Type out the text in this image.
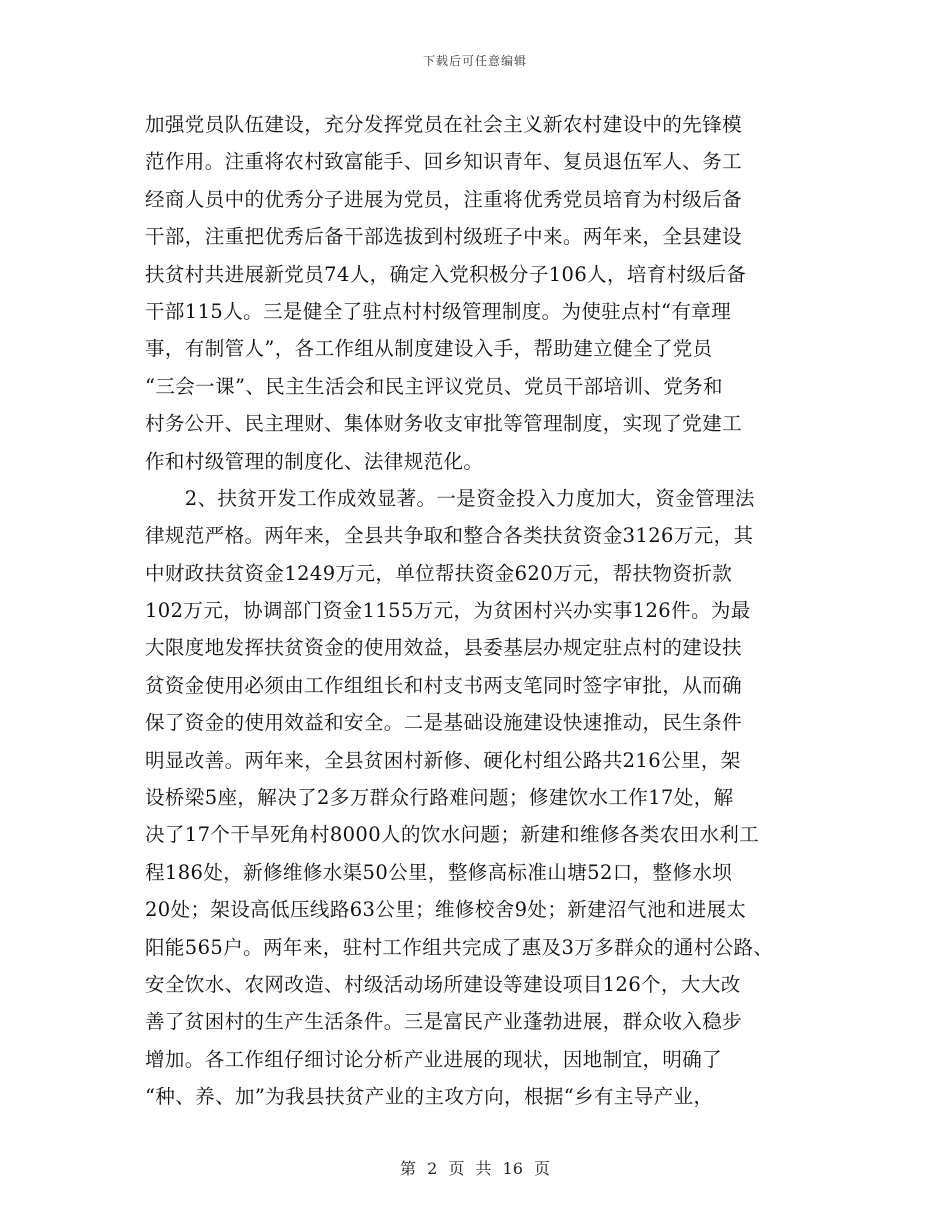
下载后可任意编辑
加强党员队伍建设，充分发挥党员在社会主义新农村建设中的先锋模
范作用。注重将农村致富能手、回乡知识青年、复员退伍军人、务工
经商人员中的优秀分子进展为党员，注重将优秀党员培育为村级后备
干部，注重把优秀后备干部选拔到村级班子中来。两年来，全县建设
扶贫村共进展新党员74人，确定入党积极分子106人，培育村级后备
干部115人。三是健全了驻点村村级管理制度。为使驻点村“有章理
事，有制管人”，各工作组从制度建设入手，帮助建立健全了党员
“三会一课”、民主生活会和民主评议党员、党员干部培训、党务和
村务公开、民主理财、集体财务收支审批等管理制度，实现了党建工
作和村级管理的制度化、法律规范化。
　　2、扶贫开发工作成效显著。一是资金投入力度加大，资金管理法
律规范严格。两年来，全县共争取和整合各类扶贫资金3126万元，其
中财政扶贫资金1249万元，单位帮扶资金620万元，帮扶物资折款
102万元，协调部门资金1155万元，为贫困村兴办实事126件。为最
大限度地发挥扶贫资金的使用效益，县委基层办规定驻点村的建设扶
贫资金使用必须由工作组组长和村支书两支笔同时签字审批，从而确
保了资金的使用效益和安全。二是基础设施建设快速推动，民生条件
明显改善。两年来，全县贫困村新修、硬化村组公路共216公里，架
设桥梁5座，解决了2多万群众行路难问题；修建饮水工作17处，解
决了17个干旱死角村8000人的饮水问题；新建和维修各类农田水利工
程186处，新修维修水渠50公里，整修高标准山塘52口，整修水坝
20处；架设高低压线路63公里；维修校舍9处；新建沼气池和进展太
阳能565户。两年来，驻村工作组共完成了惠及3万多群众的通村公路、
安全饮水、农网改造、村级活动场所建设等建设项目126个，大大改
善了贫困村的生产生活条件。三是富民产业蓬勃进展，群众收入稳步
增加。各工作组仔细讨论分析产业进展的现状，因地制宜，明确了
“种、养、加”为我县扶贫产业的主攻方向，根据“乡有主导产业，
第 2 页 共 16 页
